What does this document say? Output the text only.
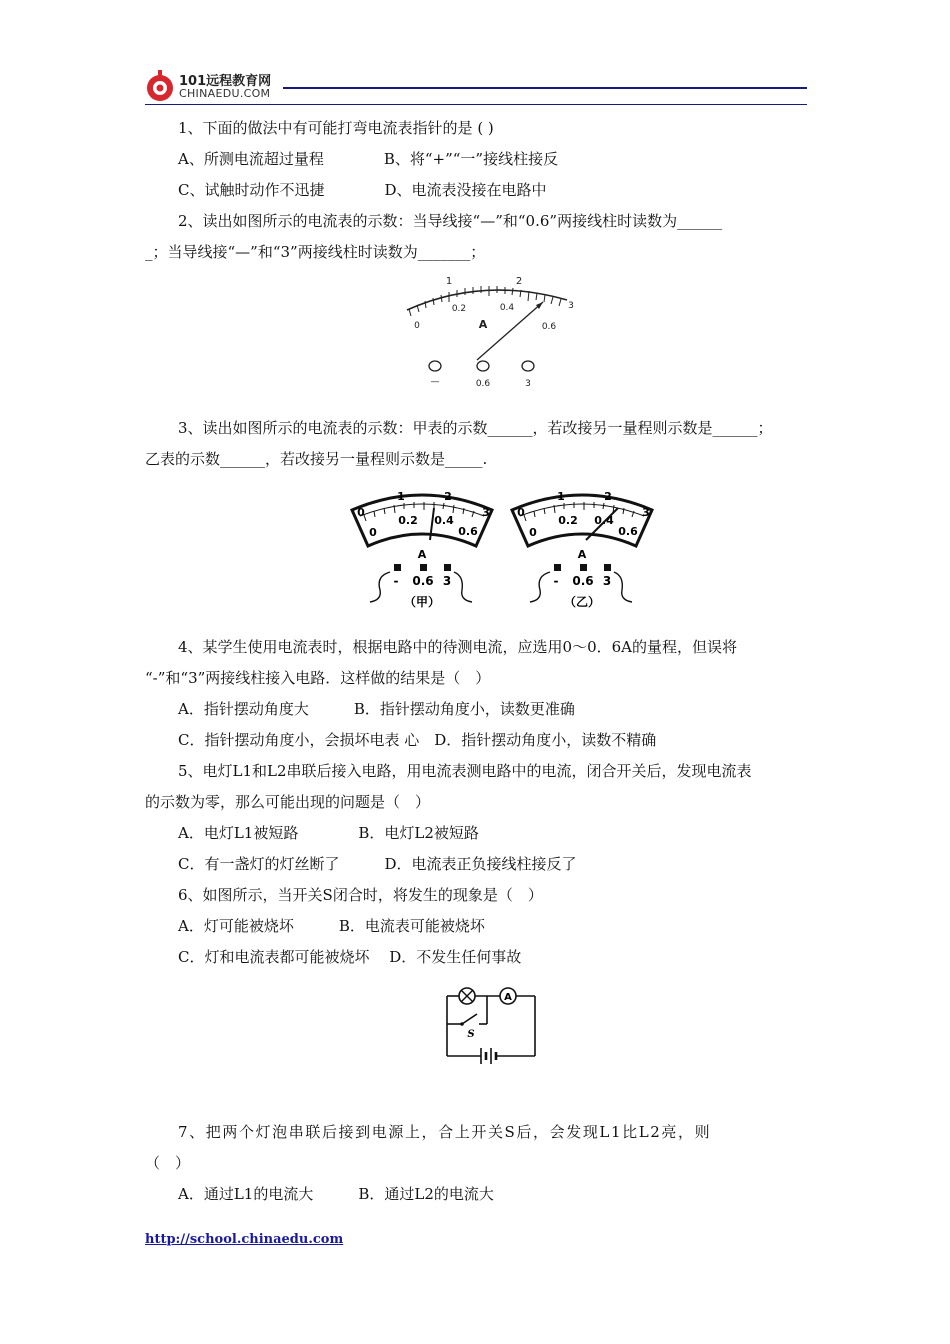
101远程教育网
CHINAEDU.COM
1、下面的做法中有可能打弯电流表指针的是 ( )
A、所测电流超过量程　　　　B、将“+”“一”接线柱接反
C、试触时动作不迅捷　　　　D、电流表没接在电路中
2、读出如图所示的电流表的示数：当导线接“—”和“0.6”两接线柱时读数为______
_；当导线接“—”和“3”两接线柱时读数为_______；
1	2
0.2	0.4
0
3
0.6
A
—	0.6	3
3、读出如图所示的电流表的示数：甲表的示数______，若改接另一量程则示数是______；
乙表的示数______，若改接另一量程则示数是_____.
0
1	2
3
0
0.2 0.4
0.6
A
- 0.6 3
（甲）
0
1	2
3
0
0.2 0.4
0.6
A
- 0.6 3
（乙）
4、某学生使用电流表时，根据电路中的待测电流，应选用0～0．6A的量程，但误将
“-”和“3”两接线柱接入电路．这样做的结果是（　）
A．指针摆动角度大　　　B．指针摆动角度小，读数更准确
C．指针摆动角度小，会损坏电表 心　D．指针摆动角度小，读数不精确
5、电灯L1和L2串联后接入电路，用电流表测电路中的电流，闭合开关后，发现电流表
的示数为零，那么可能出现的问题是（　）
A．电灯L1被短路　　　　B．电灯L2被短路
C．有一盏灯的灯丝断了　　　D．电流表正负接线柱接反了
6、如图所示，当开关S闭合时，将发生的现象是（　）
A．灯可能被烧坏　　　B．电流表可能被烧坏
C．灯和电流表都可能被烧坏　 D．不发生任何事故
A
S
7、把两个灯泡串联后接到电源上，合上开关S后，会发现L1比L2亮，则
（　）
A．通过L1的电流大　　　B．通过L2的电流大
http://school.chinaedu.com
